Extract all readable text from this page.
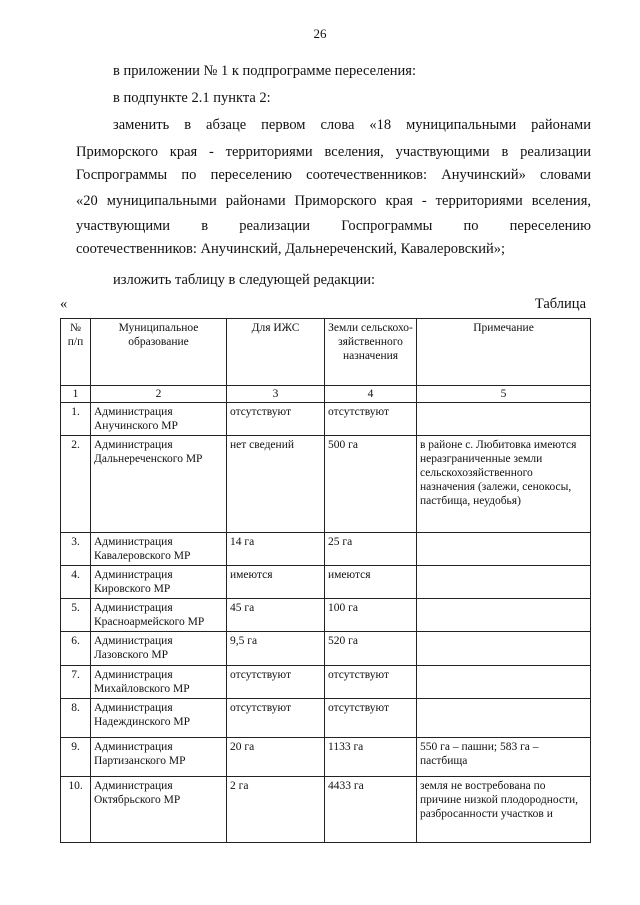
26
в приложении № 1 к подпрограмме переселения:
в подпункте 2.1 пункта 2:
заменить в абзаце первом слова «18 муниципальными районами
Приморского края - территориями вселения, участвующими в реализации
Госпрограммы по переселению соотечественников: Анучинский» словами
«20 муниципальными районами Приморского края - территориями вселения,
участвующими в реализации Госпрограммы по переселению
соотечественников: Анучинский, Дальнереченский, Кавалеровский»;
изложить таблицу в следующей редакции:
«	Таблица
№ п/п	Муниципальное образование	Для ИЖС	Земли сельскохо-зяйственного назначения	Примечание
1	2	3	4	5
1.	Администрация Анучинского МР	отсутствуют	отсутствуют	
2.	Администрация Дальнереченского МР	нет сведений	500 га	в районе с. Любитовка имеются неразграниченные земли сельскохозяйственного назначения (залежи, сенокосы, пастбища, неудобья)
3.	Администрация Кавалеровского МР	14 га	25 га	
4.	Администрация Кировского МР	имеются	имеются	
5.	Администрация Красноармейского МР	45 га	100 га	
6.	Администрация Лазовского МР	9,5 га	520 га	
7.	Администрация Михайловского МР	отсутствуют	отсутствуют	
8.	Администрация Надеждинского МР	отсутствуют	отсутствуют	
9.	Администрация Партизанского МР	20 га	1133 га	550 га – пашни; 583 га – пастбища
10.	Администрация Октябрьского МР	2 га	4433 га	земля не востребована по причине низкой плодородности, разбросанности участков и
